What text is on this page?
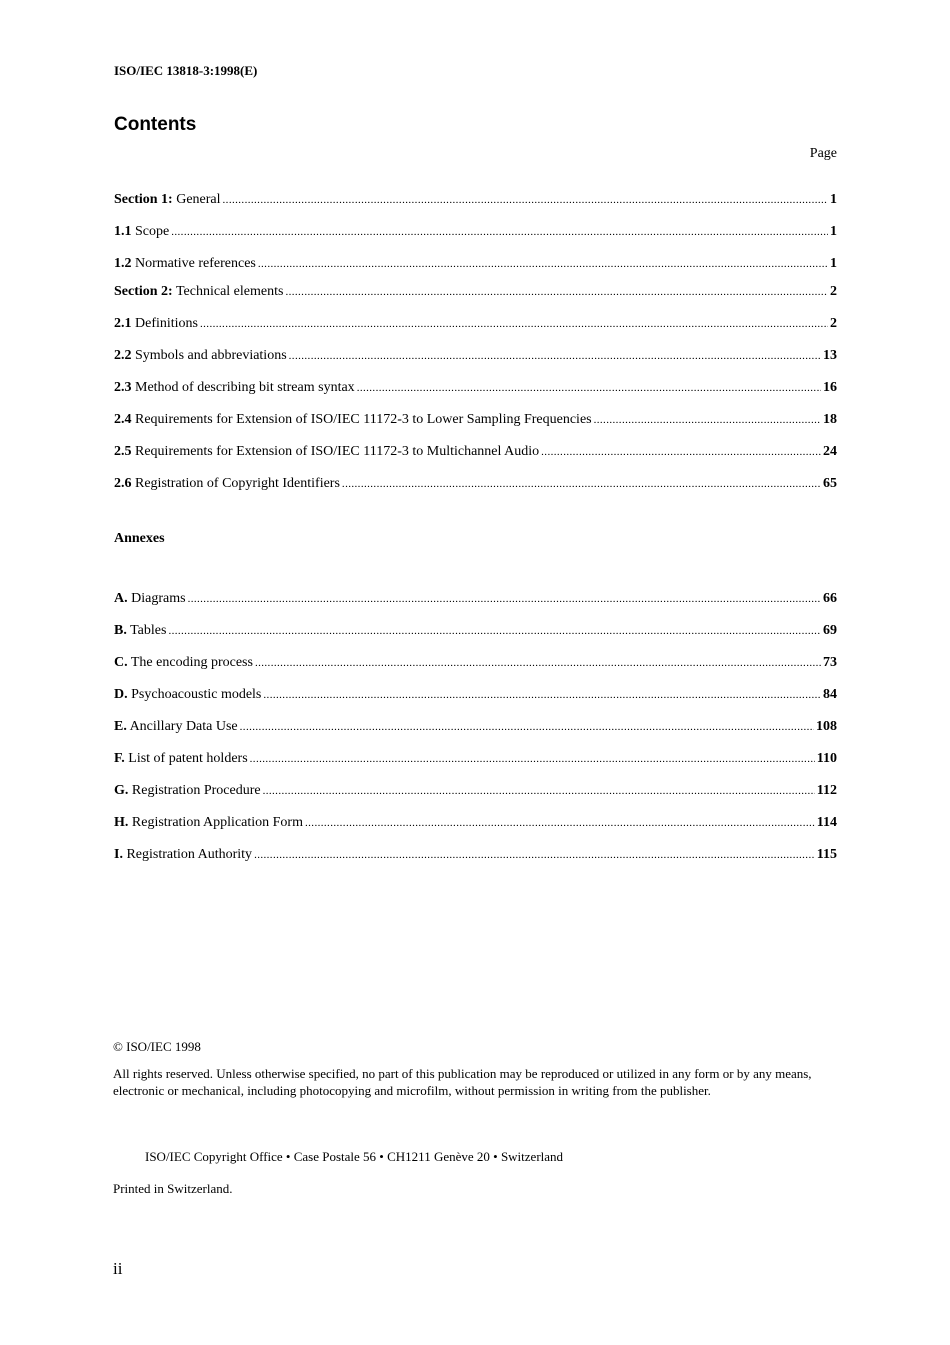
ISO/IEC 13818-3:1998(E)
Contents
Page
Section 1: General .....	1
1.1 Scope .....	1
1.2 Normative references .....	1
Section 2: Technical elements .....	2
2.1 Definitions .....	2
2.2 Symbols and abbreviations .....	13
2.3 Method of describing bit stream syntax .....	16
2.4 Requirements for Extension of ISO/IEC 11172-3 to Lower Sampling Frequencies .....	18
2.5 Requirements for Extension of ISO/IEC 11172-3 to Multichannel Audio .....	24
2.6 Registration of Copyright Identifiers .....	65
Annexes
A. Diagrams .....	66
B. Tables .....	69
C. The encoding process .....	73
D. Psychoacoustic models .....	84
E. Ancillary Data Use .....	108
F. List of patent holders .....	110
G. Registration Procedure .....	112
H. Registration Application Form .....	114
I. Registration Authority .....	115
© ISO/IEC 1998
All rights reserved. Unless otherwise specified, no part of this publication may be reproduced or utilized in any form or by any means, electronic or mechanical, including photocopying and microfilm, without permission in writing from the publisher.
ISO/IEC Copyright Office • Case Postale 56 • CH1211 Genève 20 • Switzerland
Printed in Switzerland.
ii
